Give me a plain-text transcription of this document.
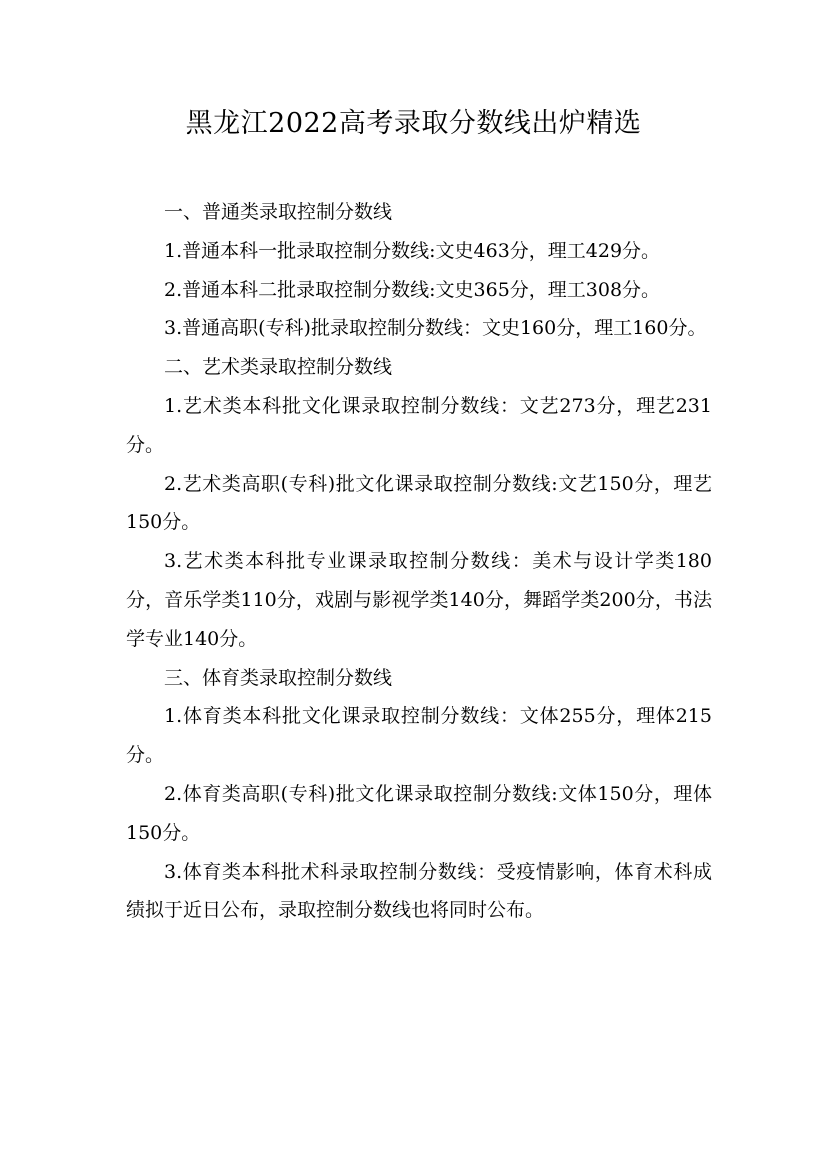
黑龙江2022高考录取分数线出炉精选

一、普通类录取控制分数线

1.普通本科一批录取控制分数线:文史463分，理工429分。

2.普通本科二批录取控制分数线:文史365分，理工308分。

3.普通高职(专科)批录取控制分数线：文史160分，理工160分。

二、艺术类录取控制分数线

1.艺术类本科批文化课录取控制分数线：文艺273分，理艺231分。

2.艺术类高职(专科)批文化课录取控制分数线:文艺150分，理艺150分。

3.艺术类本科批专业课录取控制分数线：美术与设计学类180分，音乐学类110分，戏剧与影视学类140分，舞蹈学类200分，书法学专业140分。

三、体育类录取控制分数线

1.体育类本科批文化课录取控制分数线：文体255分，理体215分。

2.体育类高职(专科)批文化课录取控制分数线:文体150分，理体150分。

3.体育类本科批术科录取控制分数线：受疫情影响，体育术科成绩拟于近日公布，录取控制分数线也将同时公布。
